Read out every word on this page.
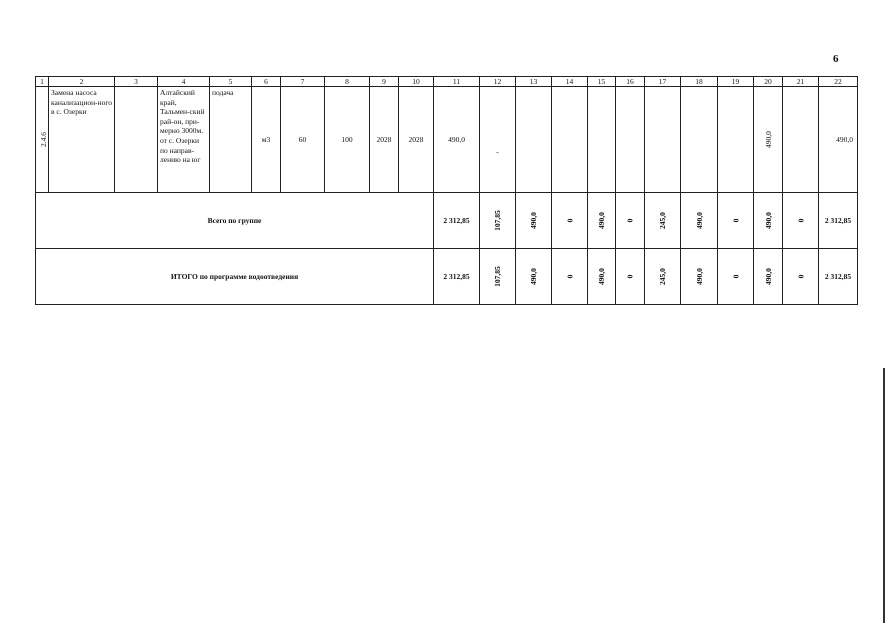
6
1	2	3	4	5	6	7	8	9	10	11	12	13	14	15	16	17	18	19	20	21	22
2.4.6	Замена насоса канализацион-ного в с. Озерки		Алтайский край, Тальмен-ский рай-он, при-мерно 3000м. от с. Озерки по направ-лению на юг	подача	м3	60	100	2028	2028	490,0	-								490,0		490,0
Всего по группе										2 312,85	107,85	490,0	0	490,0	0	245,0	490,0	0	490,0	0	2 312,85
ИТОГО по программе водоотведения										2 312,85	107,85	490,0	0	490,0	0	245,0	490,0	0	490,0	0	2 312,85
